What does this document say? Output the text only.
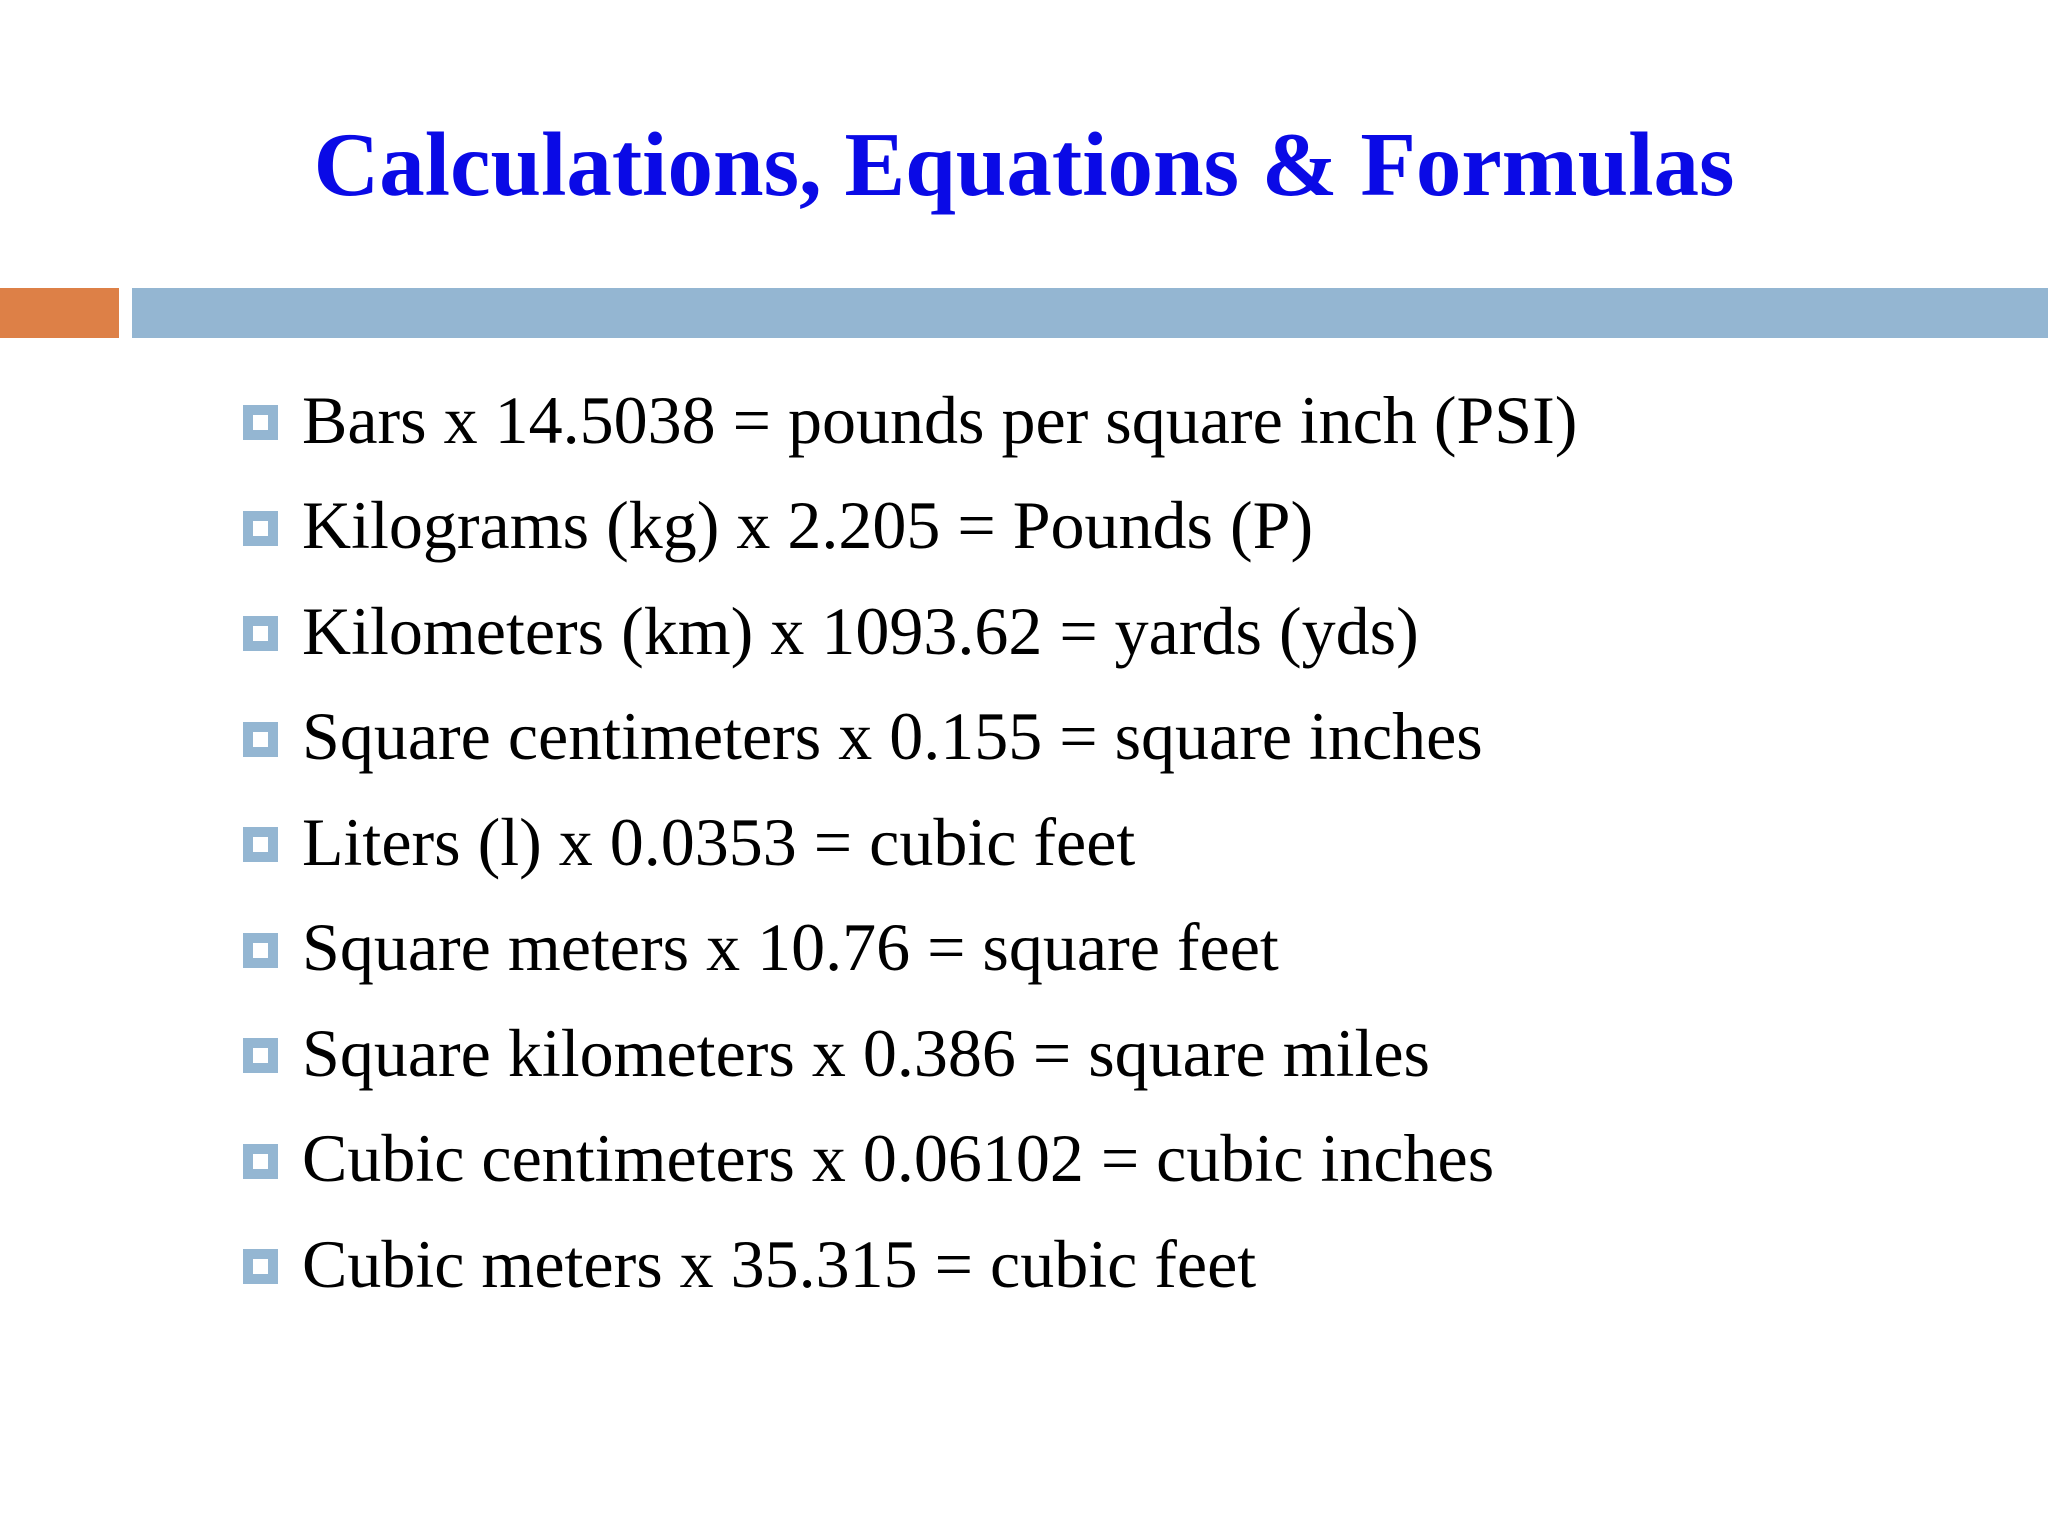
Calculations, Equations & Formulas
Bars x 14.5038 = pounds per square inch (PSI)
Kilograms (kg) x 2.205 = Pounds (P)
Kilometers (km) x 1093.62 = yards (yds)
Square centimeters x 0.155 = square inches
Liters (l) x 0.0353 = cubic feet
Square meters x 10.76 = square feet
Square kilometers x 0.386 = square miles
Cubic centimeters x 0.06102 = cubic inches
Cubic meters x 35.315 = cubic feet
